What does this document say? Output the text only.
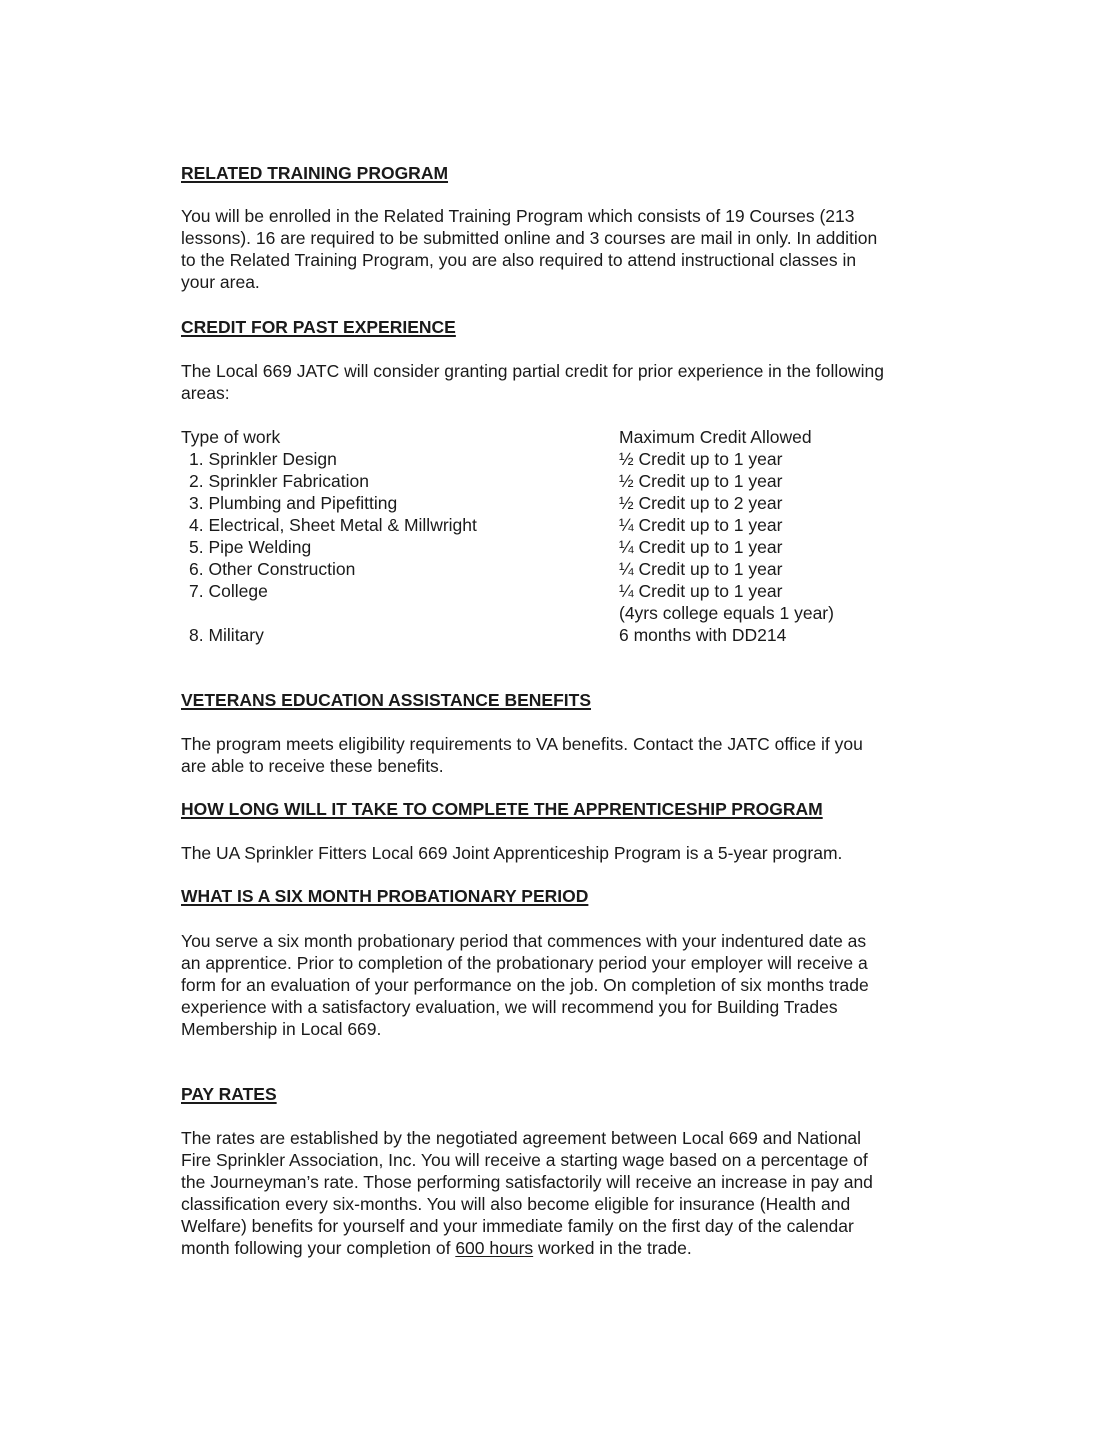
RELATED TRAINING PROGRAM
You will be enrolled in the Related Training Program which consists of 19 Courses (213
lessons). 16 are required to be submitted online and 3 courses are mail in only. In addition
to the Related Training Program, you are also required to attend instructional classes in
your area.
CREDIT FOR PAST EXPERIENCE
The Local 669 JATC will consider granting partial credit for prior experience in the following
areas:
Type of work	Maximum Credit Allowed
1. Sprinkler Design	½ Credit up to 1 year
2. Sprinkler Fabrication	½ Credit up to 1 year
3. Plumbing and Pipefitting	½ Credit up to 2 year
4. Electrical, Sheet Metal & Millwright	¼ Credit up to 1 year
5. Pipe Welding	¼ Credit up to 1 year
6. Other Construction	¼ Credit up to 1 year
7. College	¼ Credit up to 1 year
(4yrs college equals 1 year)
8. Military	6 months with DD214
VETERANS EDUCATION ASSISTANCE BENEFITS
The program meets eligibility requirements to VA benefits. Contact the JATC office if you
are able to receive these benefits.
HOW LONG WILL IT TAKE TO COMPLETE THE APPRENTICESHIP PROGRAM
The UA Sprinkler Fitters Local 669 Joint Apprenticeship Program is a 5-year program.
WHAT IS A SIX MONTH PROBATIONARY PERIOD
You serve a six month probationary period that commences with your indentured date as
an apprentice. Prior to completion of the probationary period your employer will receive a
form for an evaluation of your performance on the job. On completion of six months trade
experience with a satisfactory evaluation, we will recommend you for Building Trades
Membership in Local 669.
PAY RATES
The rates are established by the negotiated agreement between Local 669 and National
Fire Sprinkler Association, Inc. You will receive a starting wage based on a percentage of
the Journeyman’s rate. Those performing satisfactorily will receive an increase in pay and
classification every six-months. You will also become eligible for insurance (Health and
Welfare) benefits for yourself and your immediate family on the first day of the calendar
month following your completion of 600 hours worked in the trade.
